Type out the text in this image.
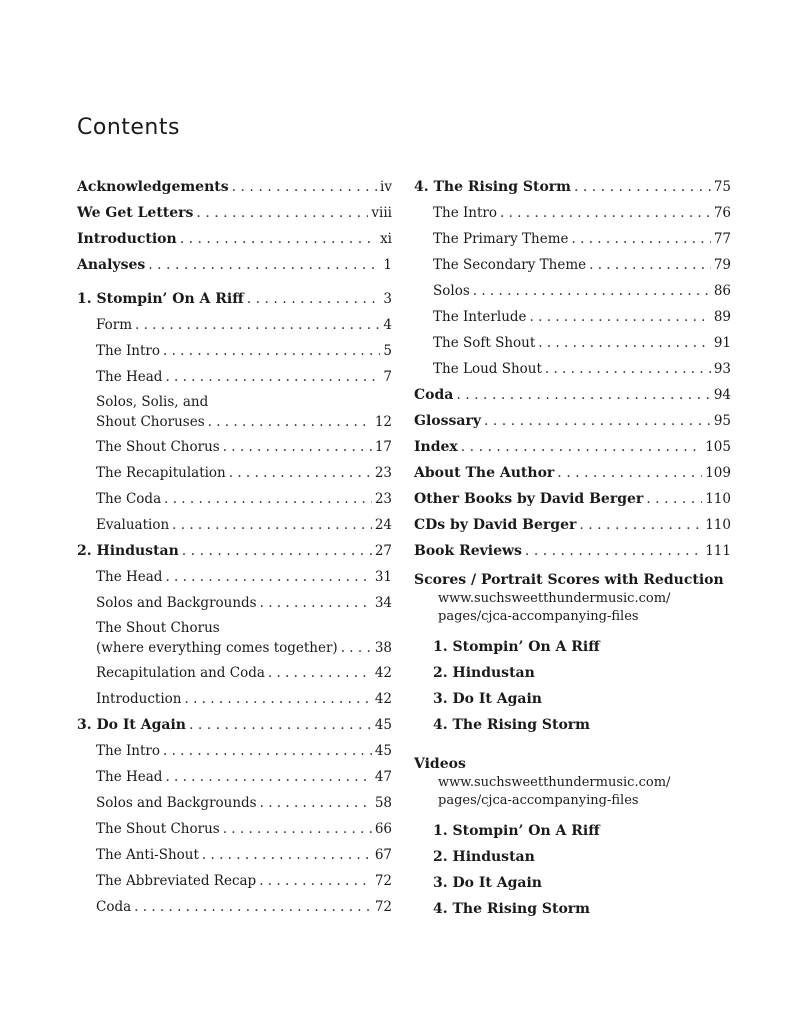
Contents
Acknowledgements . . .	iv
We Get Letters . . .	viii
Introduction . . .	xi
Analyses . . .	1
1. Stompin’ On A Riff . . .	3
Form . . .	4
The Intro . . .	5
The Head . . .	7
Solos, Solis, and
Shout Choruses . . .	12
The Shout Chorus . . .	17
The Recapitulation . . .	23
The Coda . . .	23
Evaluation . . .	24
2. Hindustan . . .	27
The Head . . .	31
Solos and Backgrounds . . .	34
The Shout Chorus
(where everything comes together) . . .	38
Recapitulation and Coda . . .	42
Introduction . . .	42
3. Do It Again . . .	45
The Intro . . .	45
The Head . . .	47
Solos and Backgrounds . . .	58
The Shout Chorus . . .	66
The Anti-Shout . . .	67
The Abbreviated Recap . . .	72
Coda . . .	72
4. The Rising Storm . . .	75
The Intro . . .	76
The Primary Theme . . .	77
The Secondary Theme . . .	79
Solos . . .	86
The Interlude . . .	89
The Soft Shout . . .	91
The Loud Shout . . .	93
Coda . . .	94
Glossary . . .	95
Index . . .	105
About The Author . . .	109
Other Books by David Berger . . .	110
CDs by David Berger . . .	110
Book Reviews . . .	111
Scores / Portrait Scores with Reduction
www.suchsweetthundermusic.com/
pages/cjca-accompanying-files
1. Stompin’ On A Riff
2. Hindustan
3. Do It Again
4. The Rising Storm
Videos
www.suchsweetthundermusic.com/
pages/cjca-accompanying-files
1. Stompin’ On A Riff
2. Hindustan
3. Do It Again
4. The Rising Storm
